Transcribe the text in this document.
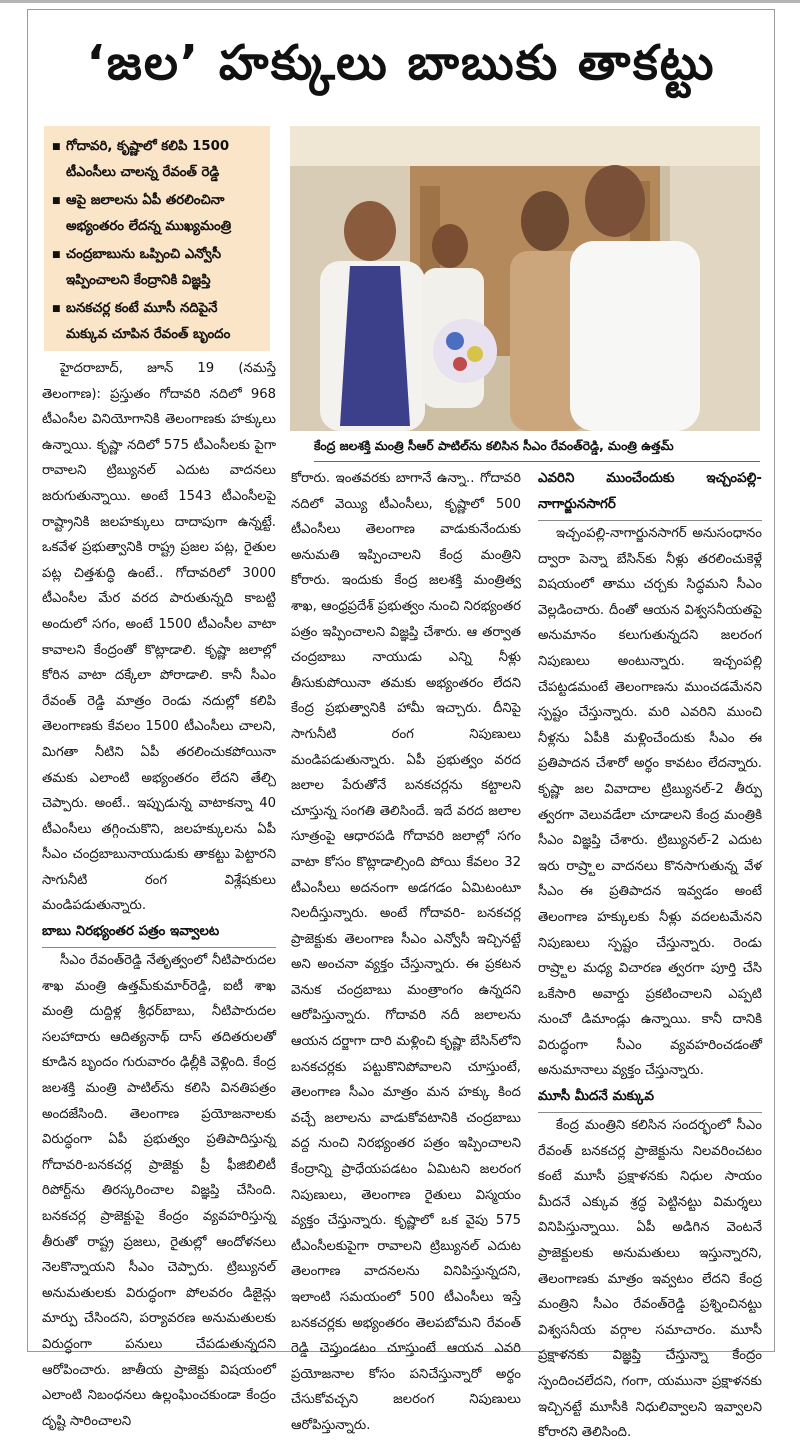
‘జల’ హక్కులు బాబుకు తాకట్టు
■ గోదావరి, కృష్ణాలో కలిపి 1500 టీఎంసీలు చాలన్న రేవంత్ రెడ్డి
■ ఆపై జలాలను ఏపీ తరలించినా అభ్యంతరం లేదన్న ముఖ్యమంత్రి
■ చంద్రబాబును ఒప్పించి ఎన్వోసీ ఇప్పించాలని కేంద్రానికి విజ్ఞప్తి
■ బనకచర్ల కంటే మూసీ నదిపైనే మక్కువ చూపిన రేవంత్ బృందం
కేంద్ర జలశక్తి మంత్రి సీఆర్ పాటిల్‌ను కలిసిన సీఎం రేవంత్‌రెడ్డి, మంత్రి ఉత్తమ్

హైదరాబాద్, జూన్ 19 (నమస్తే తెలంగాణ): ప్రస్తుతం గోదావరి నదిలో 968 టీఎంసీల వినియోగానికి తెలంగాణకు హక్కులు ఉన్నాయి. కృష్ణా నదిలో 575 టీఎంసీలకు పైగా రావాలని ట్రిబ్యునల్ ఎదుట వాదనలు జరుగుతున్నాయి. అంటే 1543 టీఎంసీలపై రాష్ట్రానికి జలహక్కులు దాదాపుగా ఉన్నట్టే. ఒకవేళ ప్రభుత్వానికి రాష్ట్ర ప్రజల పట్ల, రైతుల పట్ల చిత్తశుద్ధి ఉంటే.. గోదావరిలో 3000 టీఎంసీల మేర వరద పారుతున్నది కాబట్టి అందులో సగం, అంటే 1500 టీఎంసీల వాటా కావాలని కేంద్రంతో కొట్లాడాలి. కృష్ణా జలాల్లో కోరిన వాటా దక్కేలా పోరాడాలి. కానీ సీఎం రేవంత్ రెడ్డి మాత్రం రెండు నదుల్లో కలిపి తెలంగాణకు కేవలం 1500 టీఎంసీలు చాలని, మిగతా నీటిని ఏపీ తరలించుకపోయినా తమకు ఎలాంటి అభ్యంతరం లేదని తేల్చి చెప్పారు. అంటే.. ఇప్పుడున్న వాటాకన్నా 40 టీఎంసీలు తగ్గించుకొని, జలహక్కులను ఏపీ సీఎం చంద్రబాబునాయుడుకు తాకట్టు పెట్టారని సాగునీటి రంగ విశ్లేషకులు మండిపడుతున్నారు.

బాబు నిరభ్యంతర పత్రం ఇవ్వాలట

సీఎం రేవంత్‌రెడ్డి నేతృత్వంలో నీటిపారుదల శాఖ మంత్రి ఉత్తమ్‌కుమార్‌రెడ్డి, ఐటీ శాఖ మంత్రి దుద్దిళ్ల శ్రీధర్‌బాబు, నీటిపారుదల సలహాదారు ఆదిత్యనాథ్ దాస్ తదితరులతో కూడిన బృందం గురువారం ఢిల్లీకి వెళ్లింది. కేంద్ర జలశక్తి మంత్రి పాటిల్‌ను కలిసి వినతిపత్రం అందజేసింది. తెలంగాణ ప్రయోజనాలకు విరుద్ధంగా ఏపీ ప్రభుత్వం ప్రతిపాదిస్తున్న గోదావరి-బనకచర్ల ప్రాజెక్టు ప్రీ ఫీజిబిలిటీ రిపోర్ట్‌ను తిరస్కరించాల విజ్ఞప్తి చేసింది. బనకచర్ల ప్రాజెక్టుపై కేంద్రం వ్యవహరిస్తున్న తీరుతో రాష్ట్ర ప్రజలు, రైతుల్లో ఆందోళనలు నెలకొన్నాయని సీఎం చెప్పారు. ట్రిబ్యునల్ అనుమతులకు విరుద్ధంగా పోలవరం డిజైన్లు మార్పు చేసిందని, పర్యావరణ అనుమతులకు విరుద్ధంగా పనులు చేపడుతున్నదని ఆరోపించారు. జాతీయ ప్రాజెక్టు విషయంలో ఎలాంటి నిబంధనలు ఉల్లంఘించకుండా కేంద్రం దృష్టి సారించాలని

కోరారు. ఇంతవరకు బాగానే ఉన్నా.. గోదావరి నదిలో వెయ్యి టీఎంసీలు, కృష్ణాలో 500 టీఎంసీలు తెలంగాణ వాడుకునేందుకు అనుమతి ఇప్పించాలని కేంద్ర మంత్రిని కోరారు. ఇందుకు కేంద్ర జలశక్తి మంత్రిత్వ శాఖ, ఆంధ్రప్రదేశ్ ప్రభుత్వం నుంచి నిరభ్యంతర పత్రం ఇప్పించాలని విజ్ఞప్తి చేశారు. ఆ తర్వాత చంద్రబాబు నాయుడు ఎన్ని నీళ్లు తీసుకుపోయినా తమకు అభ్యంతరం లేదని కేంద్ర ప్రభుత్వానికి హామీ ఇచ్చారు. దీనిపై సాగునీటి రంగ నిపుణులు మండిపడుతున్నారు. ఏపీ ప్రభుత్వం వరద జలాల పేరుతోనే బనకచర్లను కట్టాలని చూస్తున్న సంగతి తెలిసిందే. ఇదే వరద జలాల సూత్రంపై ఆధారపడి గోదావరి జలాల్లో సగం వాటా కోసం కొట్లాడాల్సింది పోయి కేవలం 32 టీఎంసీలు అదనంగా అడగడం ఏమిటంటూ నిలదీస్తున్నారు. అంటే గోదావరి- బనకచర్ల ప్రాజెక్టుకు తెలంగాణ సీఎం ఎన్వోసీ ఇచ్చినట్టే అని అంచనా వ్యక్తం చేస్తున్నారు. ఈ ప్రకటన వెనుక చంద్రబాబు మంత్రాంగం ఉన్నదని ఆరోపిస్తున్నారు. గోదావరి నదీ జలాలను ఆయన దర్జాగా దారి మళ్లించి కృష్ణా బేసిన్‌లోని బనకచర్లకు పట్టుకొనిపోవాలని చూస్తుంటే, తెలంగాణ సీఎం మాత్రం మన హక్కు కింద వచ్చే జలాలను వాడుకోవటానికి చంద్రబాబు వద్ద నుంచి నిరభ్యంతర పత్రం ఇప్పించాలని కేంద్రాన్ని ప్రాధేయపడటం ఏమిటని జలరంగ నిపుణులు, తెలంగాణ రైతులు విస్మయం వ్యక్తం చేస్తున్నారు. కృష్ణాలో ఒక వైపు 575 టీఎంసీలకుపైగా రావాలని ట్రిబ్యునల్ ఎదుట తెలంగాణ వాదనలను వినిపిస్తున్నదని, ఇలాంటి సమయంలో 500 టీఎంసీలు ఇస్తే బనకచర్లకు అభ్యంతరం తెలపబోమని రేవంత్ రెడ్డి చెప్తుండటం చూస్తుంటే ఆయన ఎవరి ప్రయోజనాల కోసం పనిచేస్తున్నారో అర్థం చేసుకోవచ్చని జలరంగ నిపుణులు ఆరోపిస్తున్నారు.

ఎవరిని ముంచేందుకు ఇచ్చంపల్లి-నాగార్జునసాగర్

ఇచ్చంపల్లి-నాగార్జునసాగర్ అనుసంధానం ద్వారా పెన్నా బేసిన్‌కు నీళ్లు తరలించుకెళ్లే విషయంలో తాము చర్చకు సిద్ధమని సీఎం వెల్లడించారు. దీంతో ఆయన విశ్వసనీయతపై అనుమానం కలుగుతున్నదని జలరంగ నిపుణులు అంటున్నారు. ఇచ్చంపల్లి చేపట్టడమంటే తెలంగాణను ముంచడమేనని స్పష్టం చేస్తున్నారు. మరి ఎవరిని ముంచి నీళ్లను ఏపీకి మళ్లించేందుకు సీఎం ఈ ప్రతిపాదన చేశారో అర్థం కావటం లేదన్నారు. కృష్ణా జల వివాదాల ట్రిబ్యునల్-2 తీర్పు త్వరగా వెలువడేలా చూడాలని కేంద్ర మంత్రికి సీఎం విజ్ఞప్తి చేశారు. ట్రిబ్యునల్-2 ఎదుట ఇరు రాష్ర్టాల వాదనలు కొనసాగుతున్న వేళ సీఎం ఈ ప్రతిపాదన ఇవ్వడం అంటే తెలంగాణ హక్కులకు నీళ్లు వదలటమేనని నిపుణులు స్పష్టం చేస్తున్నారు. రెండు రాష్ర్టాల మధ్య విచారణ త్వరగా పూర్తి చేసి ఒకేసారి అవార్డు ప్రకటించాలని ఎప్పటి నుంచో డిమాండ్లు ఉన్నాయి. కానీ దానికి విరుద్ధంగా సీఎం వ్యవహరించడంతో అనుమానాలు వ్యక్తం చేస్తున్నారు.

మూసీ మీదనే మక్కువ

కేంద్ర మంత్రిని కలిసిన సందర్భంలో సీఎం రేవంత్ బనకచర్ల ప్రాజెక్టును నిలవరించటం కంటే మూసీ ప్రక్షాళనకు నిధుల సాయం మీదనే ఎక్కువ శ్రద్ధ పెట్టినట్టు విమర్శలు వినిపిస్తున్నాయి. ఏపీ అడిగిన వెంటనే ప్రాజెక్టులకు అనుమతులు ఇస్తున్నారని, తెలంగాణకు మాత్రం ఇవ్వటం లేదని కేంద్ర మంత్రిని సీఎం రేవంత్‌రెడ్డి ప్రశ్నించినట్టు విశ్వసనీయ వర్గాల సమాచారం. మూసీ ప్రక్షాళనకు విజ్ఞప్తి చేస్తున్నా కేంద్రం స్పందించలేదని, గంగా, యమునా ప్రక్షాళనకు ఇచ్చినట్టే మూసీకి నిధులివ్వాలని ఇవ్వాలని కోరారని తెలిసింది.
